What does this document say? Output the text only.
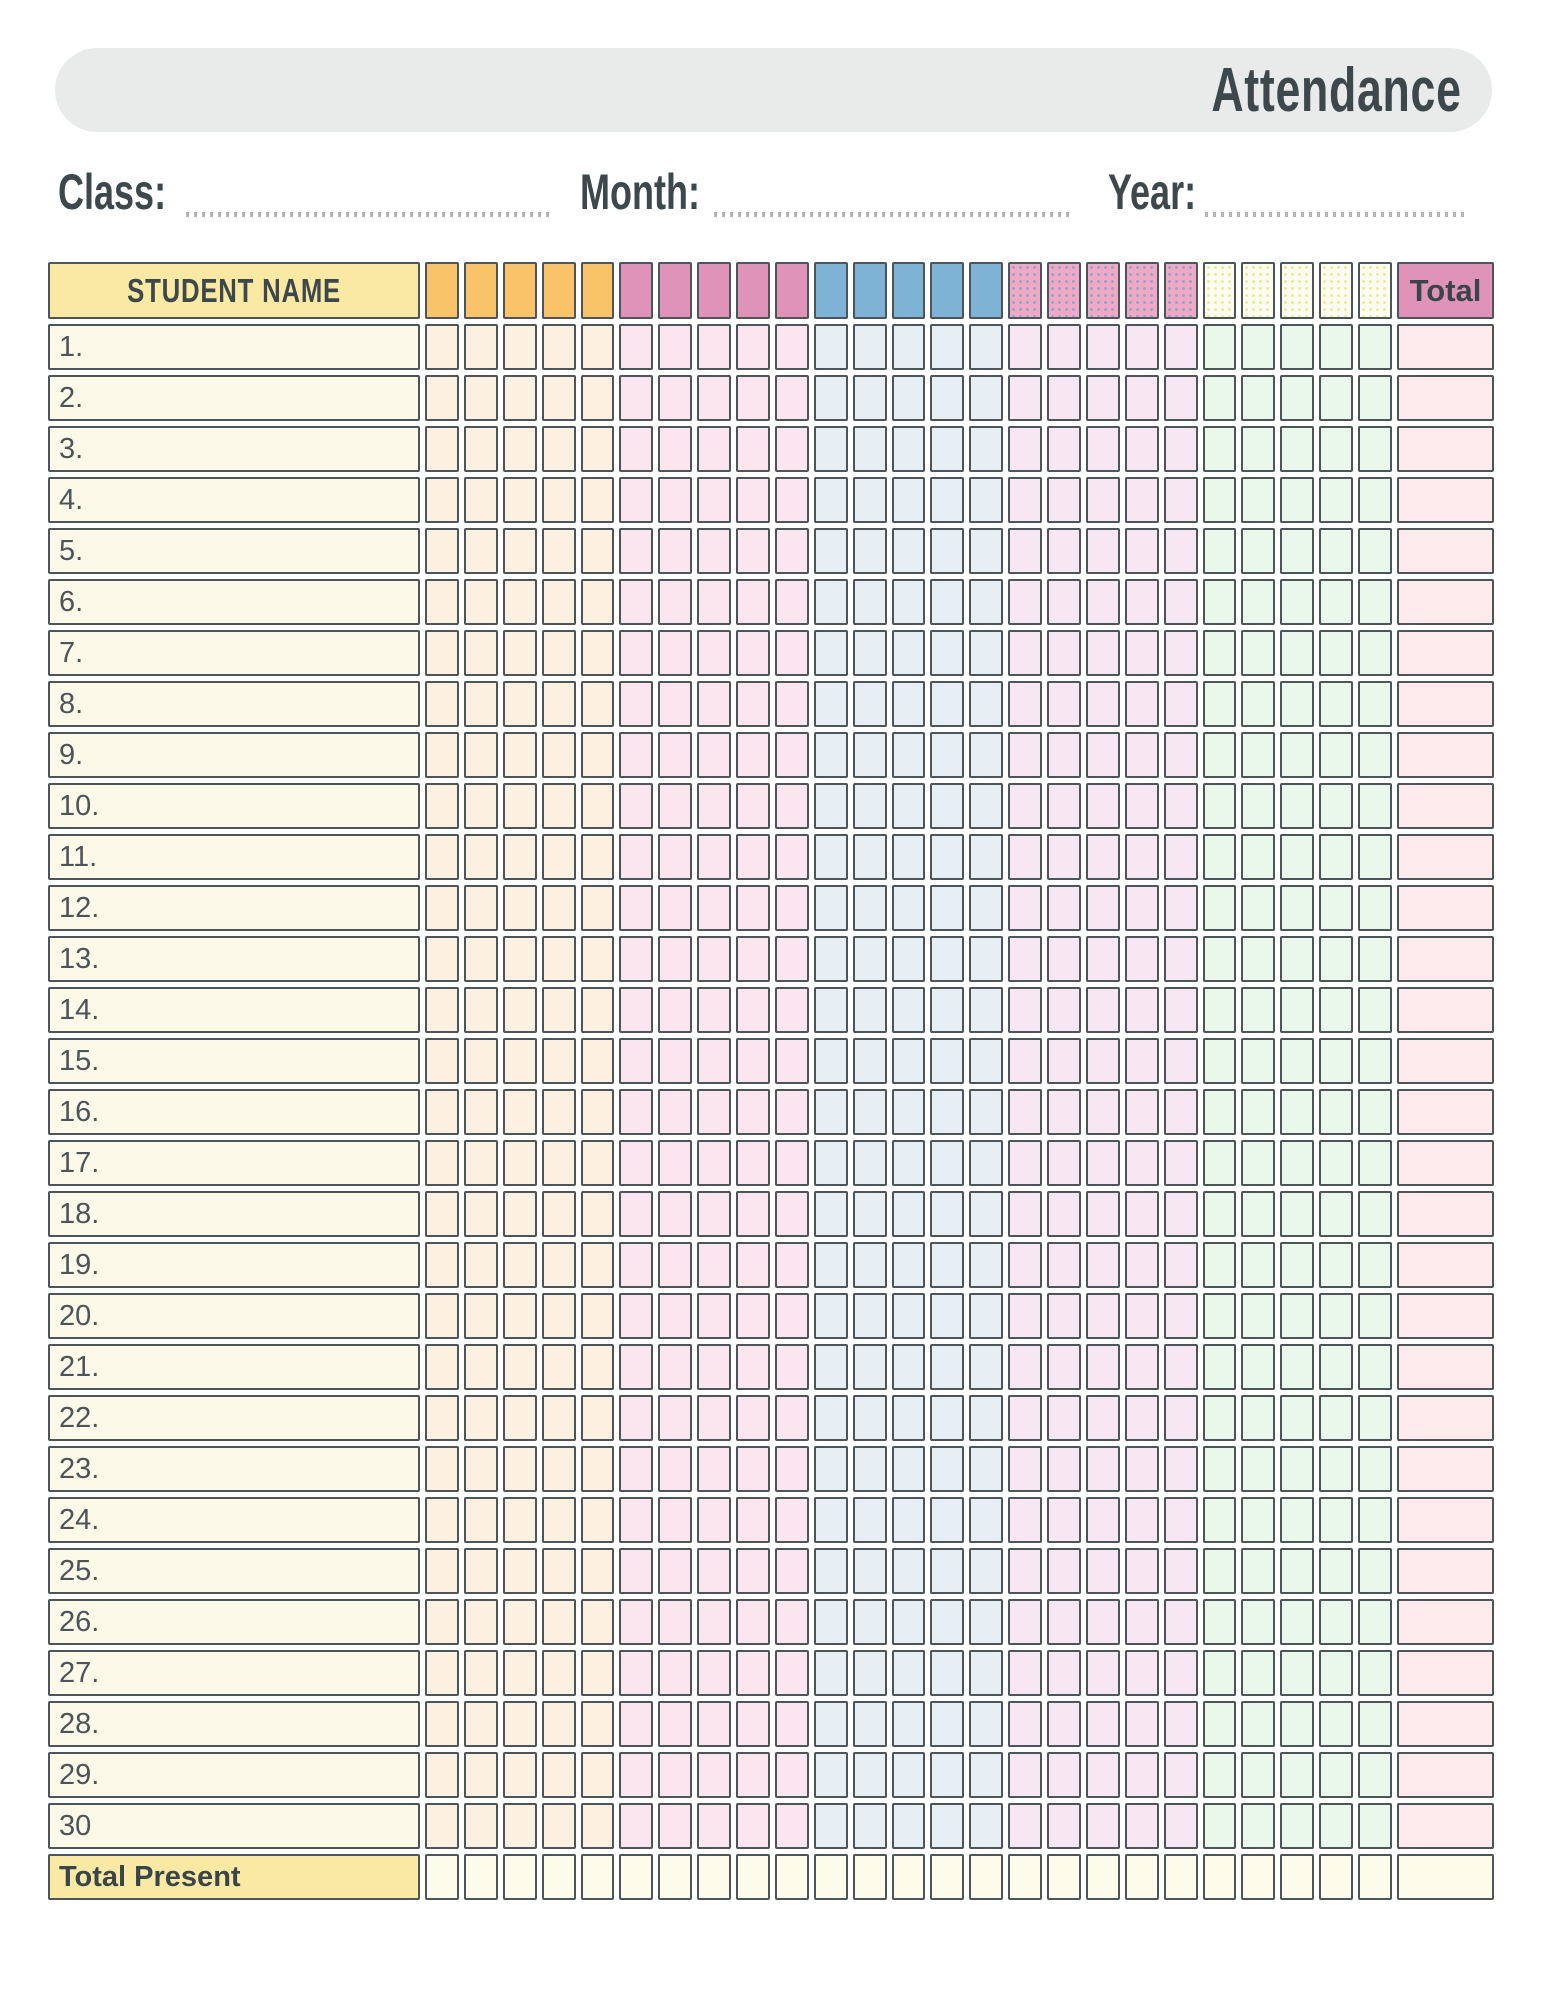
Attendance
Class:	Month:	Year:
STUDENT NAME	Total
1.
2.
3.
4.
5.
6.
7.
8.
9.
10.
11.
12.
13.
14.
15.
16.
17.
18.
19.
20.
21.
22.
23.
24.
25.
26.
27.
28.
29.
30
Total Present
